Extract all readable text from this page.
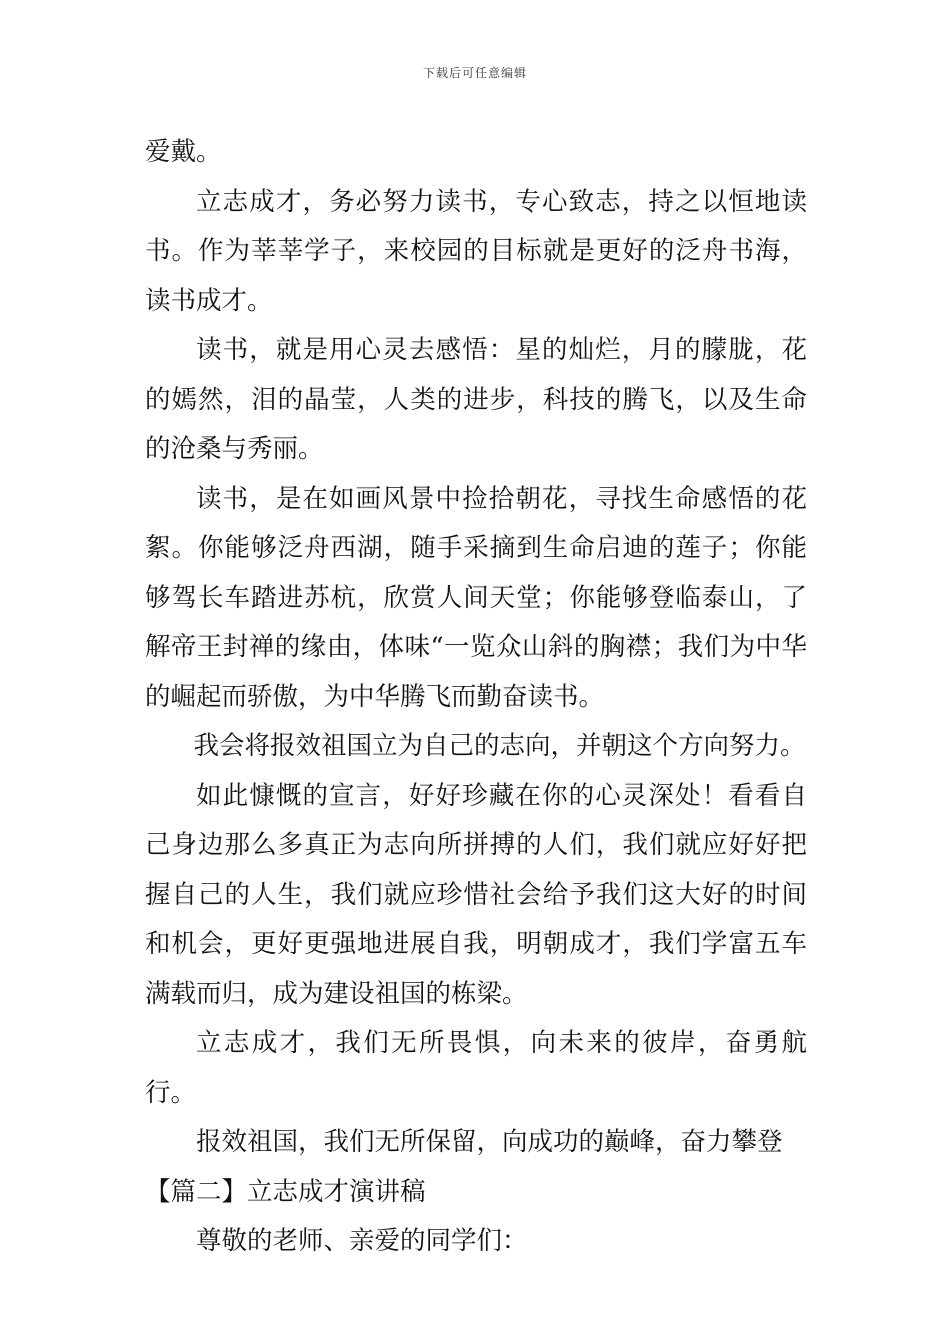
下载后可任意编辑

爱戴。

立志成才，务必努力读书，专心致志，持之以恒地读书。作为莘莘学子，来校园的目标就是更好的泛舟书海，读书成才。

读书，就是用心灵去感悟：星的灿烂，月的朦胧，花的嫣然，泪的晶莹，人类的进步，科技的腾飞，以及生命的沧桑与秀丽。

读书，是在如画风景中捡拾朝花，寻找生命感悟的花絮。你能够泛舟西湖，随手采摘到生命启迪的莲子；你能够驾长车踏进苏杭，欣赏人间天堂；你能够登临泰山，了解帝王封禅的缘由，体味“一览众山斜的胸襟；我们为中华的崛起而骄傲，为中华腾飞而勤奋读书。

我会将报效祖国立为自己的志向，并朝这个方向努力。

如此慷慨的宣言，好好珍藏在你的心灵深处！看看自己身边那么多真正为志向所拼搏的人们，我们就应好好把握自己的人生，我们就应珍惜社会给予我们这大好的时间和机会，更好更强地进展自我，明朝成才，我们学富五车满载而归，成为建设祖国的栋梁。

立志成才，我们无所畏惧，向未来的彼岸，奋勇航行。

报效祖国，我们无所保留，向成功的巅峰，奋力攀登

【篇二】立志成才演讲稿

尊敬的老师、亲爱的同学们：
